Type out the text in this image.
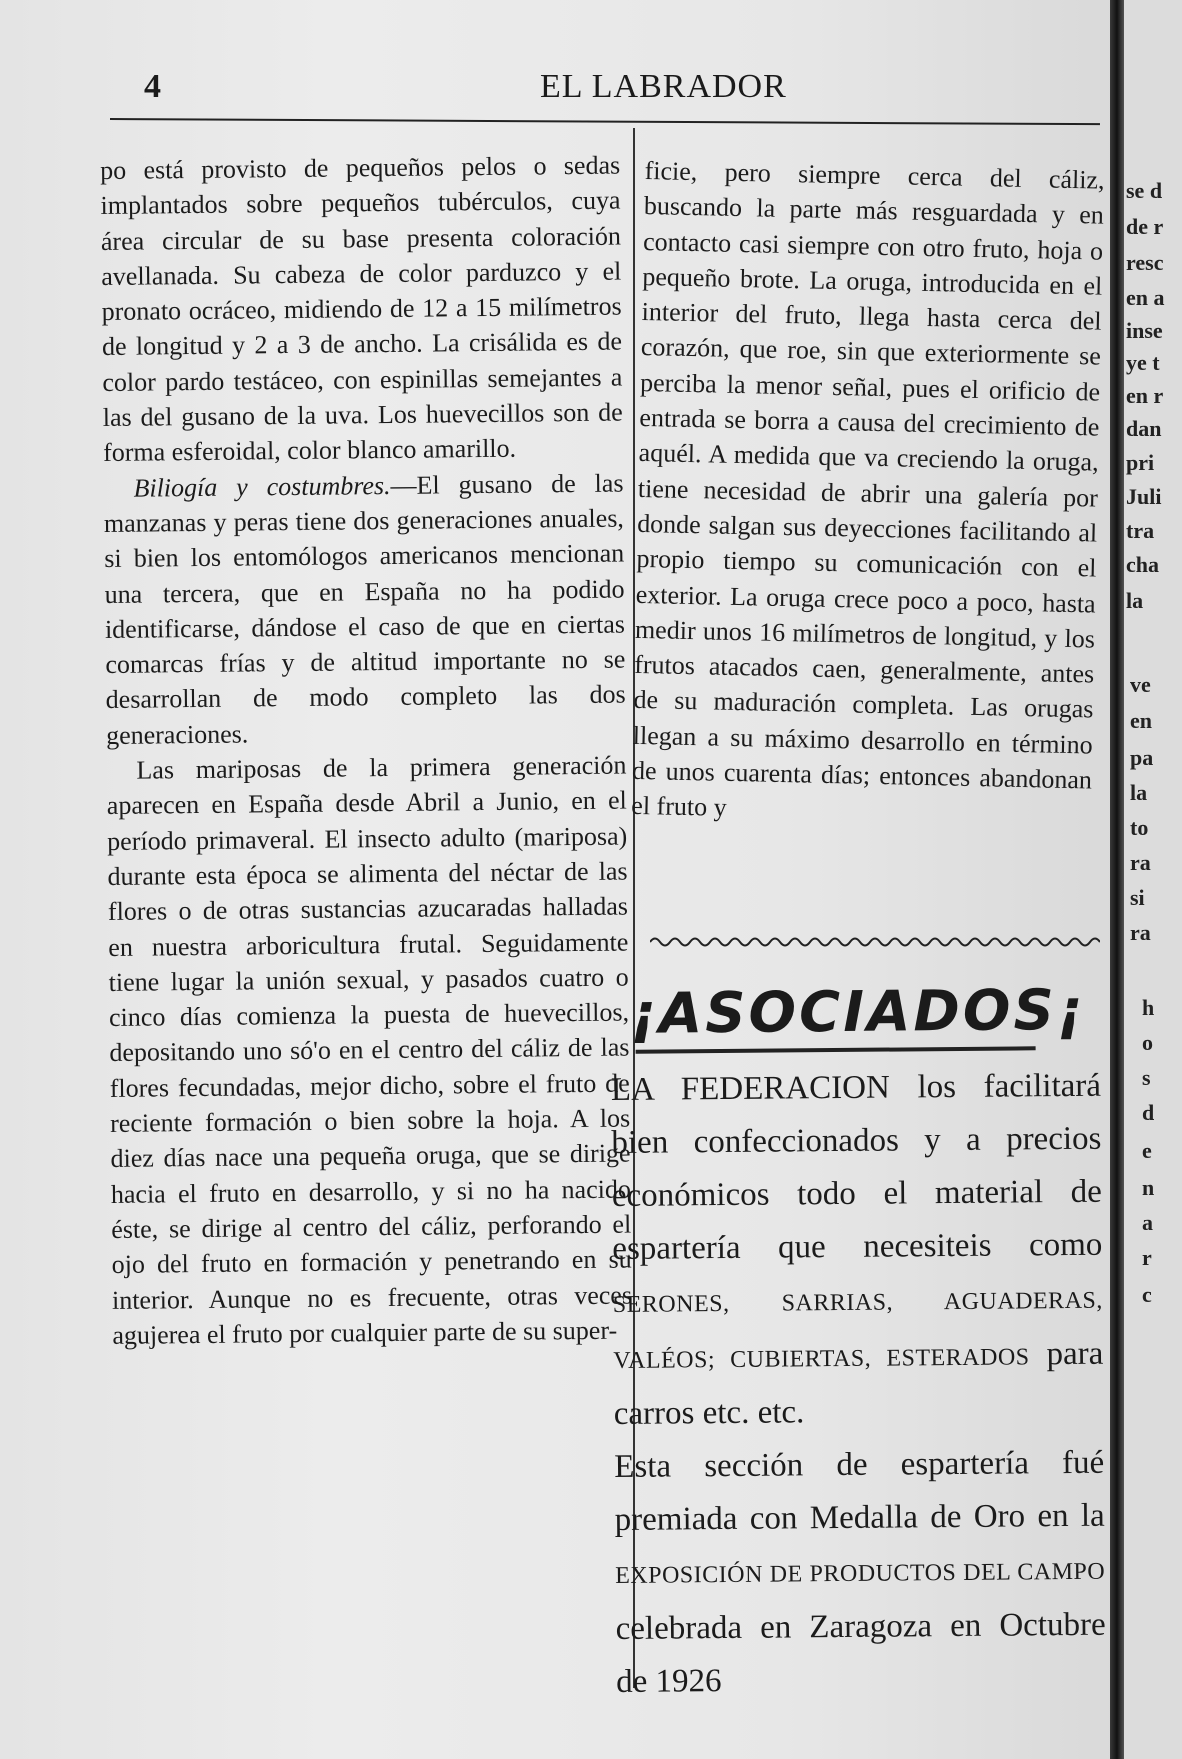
4	EL LABRADOR

po está provisto de pequeños pelos o sedas implantados sobre pequeños tubérculos, cuya área circular de su base presenta coloración avellanada. Su cabeza de color parduzco y el pronato ocráceo, midiendo de 12 a 15 milímetros de longitud y 2 a 3 de ancho. La crisálida es de color pardo testáceo, con espinillas semejantes a las del gusano de la uva. Los huevecillos son de forma esferoidal, color blanco amarillo.

Biliogía y costumbres.—El gusano de las manzanas y peras tiene dos generaciones anuales, si bien los entomólogos americanos mencionan una tercera, que en España no ha podido identificarse, dándose el caso de que en ciertas comarcas frías y de altitud importante no se desarrollan de modo completo las dos generaciones.

Las mariposas de la primera generación aparecen en España desde Abril a Junio, en el período primaveral. El insecto adulto (mariposa) durante esta época se alimenta del néctar de las flores o de otras sustancias azucaradas halladas en nuestra arboricultura frutal. Seguidamente tiene lugar la unión sexual, y pasados cuatro o cinco días comienza la puesta de huevecillos, depositando uno só'o en el centro del cáliz de las flores fecundadas, mejor dicho, sobre el fruto de reciente formación o bien sobre la hoja. A los diez días nace una pequeña oruga, que se dirige hacia el fruto en desarrollo, y si no ha nacido éste, se dirige al centro del cáliz, perforando el ojo del fruto en formación y penetrando en su interior. Aunque no es frecuente, otras veces agujerea el fruto por cualquier parte de su super-

ficie, pero siempre cerca del cáliz, buscando la parte más resguardada y en contacto casi siempre con otro fruto, hoja o pequeño brote. La oruga, introducida en el interior del fruto, llega hasta cerca del corazón, que roe, sin que exteriormente se perciba la menor señal, pues el orificio de entrada se borra a causa del crecimiento de aquél. A medida que va creciendo la oruga, tiene necesidad de abrir una galería por donde salgan sus deyecciones facilitando al propio tiempo su comunicación con el exterior. La oruga crece poco a poco, hasta medir unos 16 milímetros de longitud, y los frutos atacados caen, generalmente, antes de su maduración completa. Las orugas llegan a su máximo desarrollo en término de unos cuarenta días; entonces abandonan el fruto y

¡ASOCIADOS¡
LA FEDERACION los facilitará bien confeccionados y a precios económicos todo el material de espartería que necesiteis como SERONES, SARRIAS, AGUADERAS, VALÉOS; CUBIERTAS, ESTERADOS para carros etc. etc.
Esta sección de espartería fué premiada con Medalla de Oro en la EXPOSICIÓN DE PRODUCTOS DEL CAMPO celebrada en Zaragoza en Octubre de 1926
se d
de r
resc
en a
inse
ye t
en r
dan
pri
Juli
tra
cha
la
ve
en
pa
la
to
ra
si
ra
h
o
s
d
e
n
a
r
c
